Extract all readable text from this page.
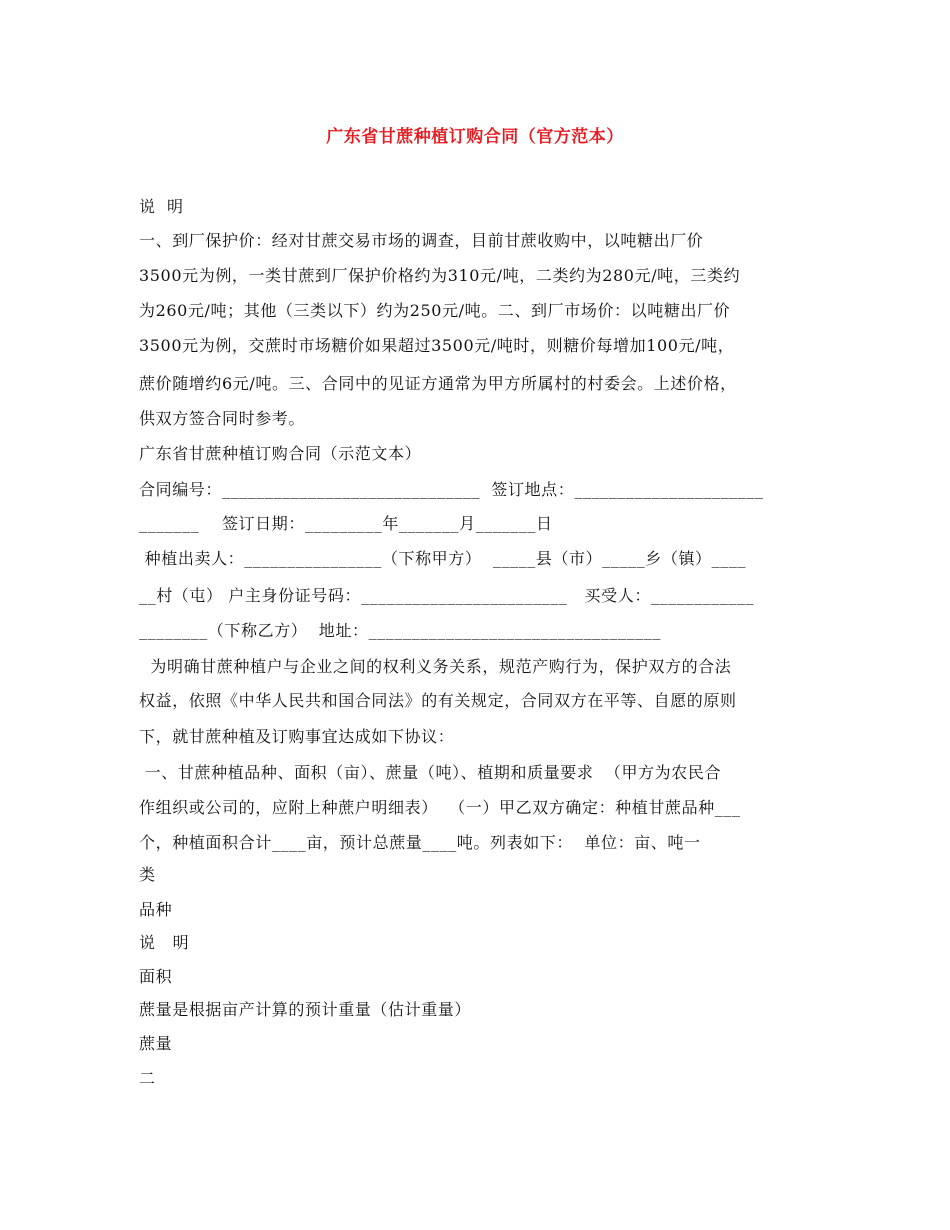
广东省甘蔗种植订购合同（官方范本）
说  明
一、到厂保护价：经对甘蔗交易市场的调查，目前甘蔗收购中，以吨糖出厂价
3500元为例，一类甘蔗到厂保护价格约为310元/吨，二类约为280元/吨，三类约
为260元/吨；其他（三类以下）约为250元/吨。二、到厂市场价：以吨糖出厂价
3500元为例，交蔗时市场糖价如果超过3500元/吨时，则糖价每增加100元/吨，
蔗价随增约6元/吨。三、合同中的见证方通常为甲方所属村的村委会。上述价格，
供双方签合同时参考。
广东省甘蔗种植订购合同（示范文本）
合同编号：______________________________  签订地点：______________________
_______    签订日期：_________年_______月_______日
种植出卖人：________________（下称甲方）  _____县（市）_____乡（镇）____
__村（屯） 户主身份证号码：________________________   买受人：____________
________（下称乙方）  地址：__________________________________
为明确甘蔗种植户与企业之间的权利义务关系，规范产购行为，保护双方的合法
权益，依照《中华人民共和国合同法》的有关规定，合同双方在平等、自愿的原则
下，就甘蔗种植及订购事宜达成如下协议：
一、甘蔗种植品种、面积（亩）、蔗量（吨）、植期和质量要求  （甲方为农民合
作组织或公司的，应附上种蔗户明细表）  （一）甲乙双方确定：种植甘蔗品种___
个，种植面积合计____亩，预计总蔗量____吨。列表如下：  单位：亩、吨一
类
品种
说   明
面积
蔗量是根据亩产计算的预计重量（估计重量）
蔗量
二
